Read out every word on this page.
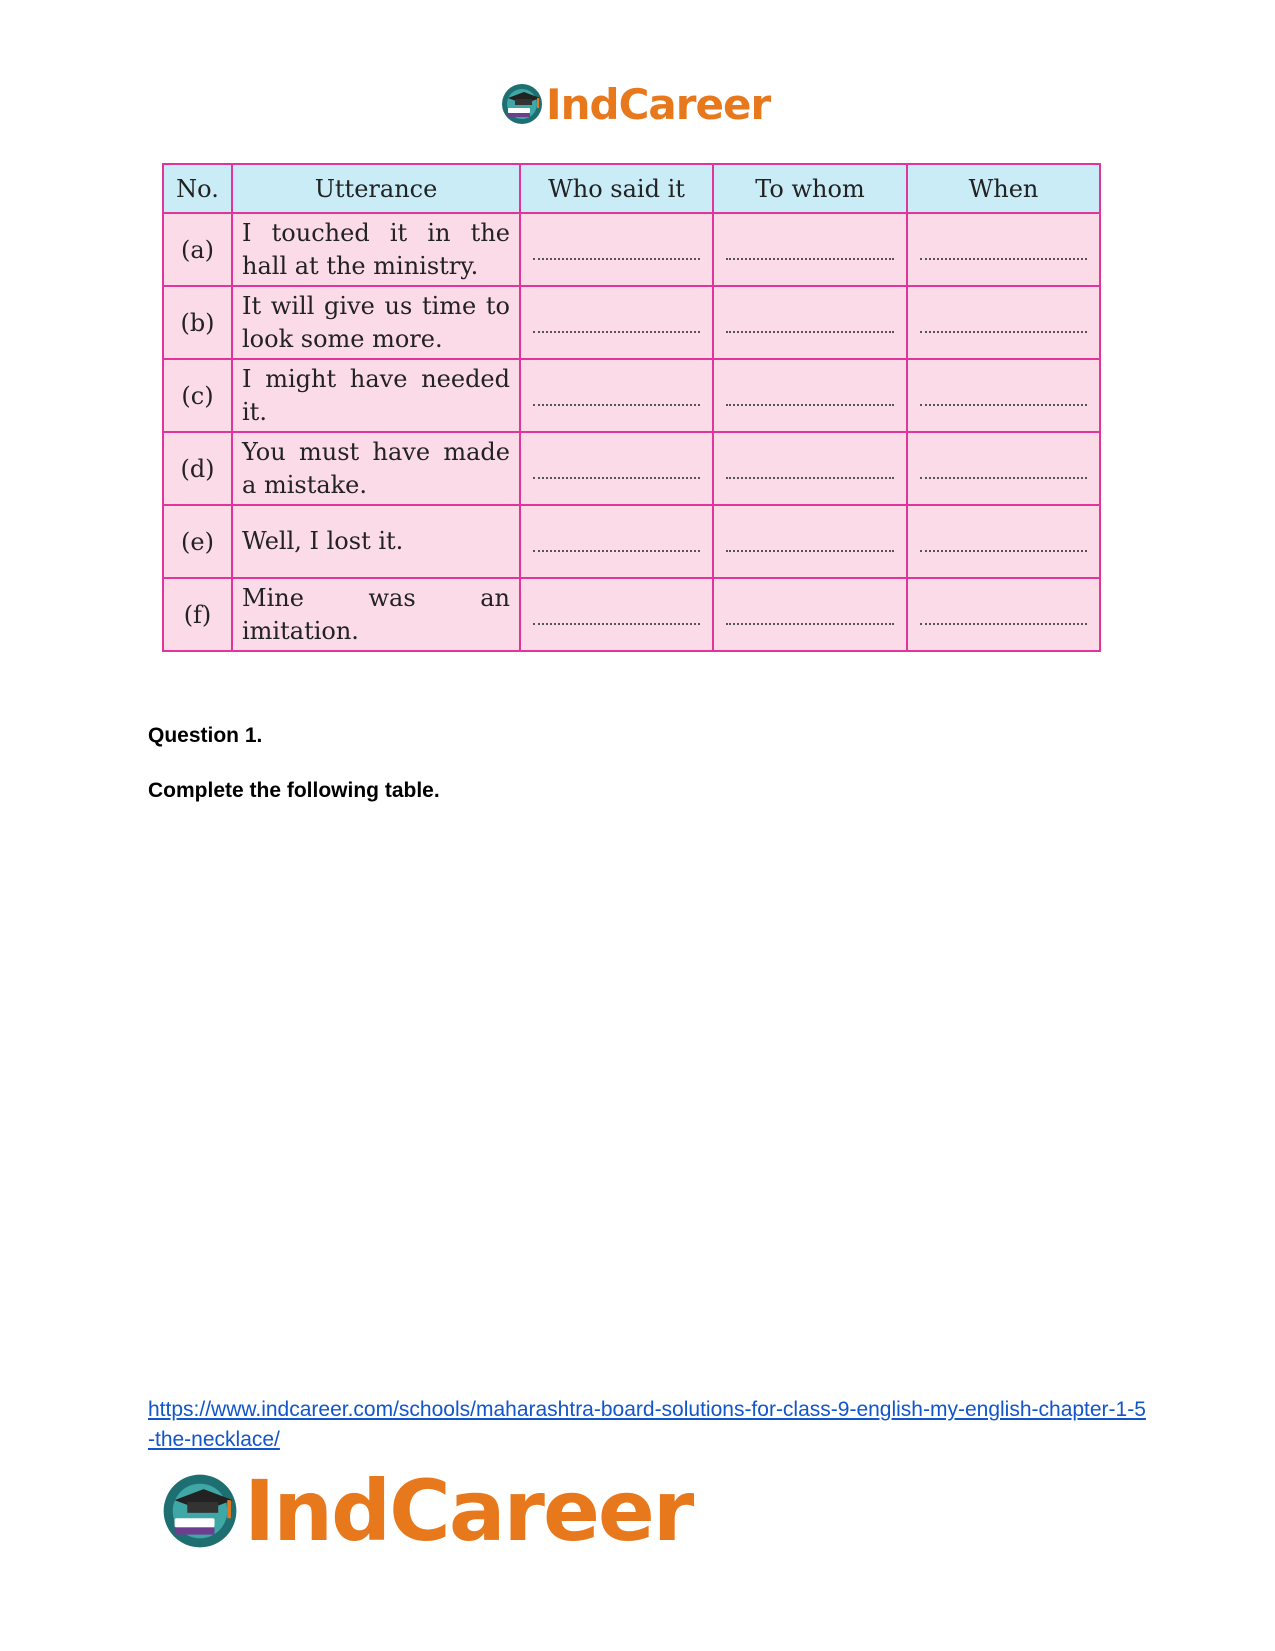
IndCareer
No.	Utterance	Who said it	To whom	When
(a)	I touched it in the hall at the ministry.	

(b)	It will give us time to look some more.	

(c)	I might have needed it.	

(d)	You must have made a mistake.	

(e)	Well, I lost it.	

(f)	Mine was an imitation.	

Question 1.
Complete the following table.
https://www.indcareer.com/schools/maharashtra-board-solutions-for-class-9-english-my-english-chapter-1-5-the-necklace/
IndCareer
